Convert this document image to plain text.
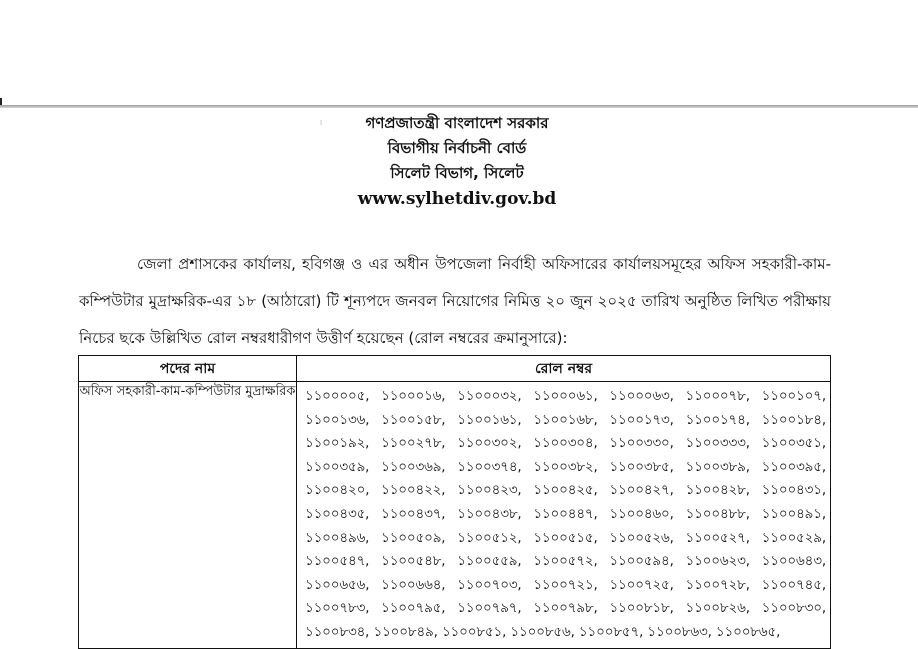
ˡ	গণপ্রজাতন্ত্রী বাংলাদেশ সরকার
বিভাগীয় নির্বাচনী বোর্ড
সিলেট বিভাগ, সিলেট
www.sylhetdiv.gov.bd
জেলা প্রশাসকের কার্যালয়, হবিগঞ্জ ও এর অধীন উপজেলা নির্বাহী অফিসারের কার্যালয়সমূহের অফিস সহকারী-কাম-কম্পিউটার মুদ্রাক্ষরিক-এর ১৮ (আঠারো) টি শূন্যপদে জনবল নিয়োগের নিমিত্ত ২০ জুন ২০২৫ তারিখ অনুষ্ঠিত লিখিত পরীক্ষায় নিচের ছকে উল্লিখিত রোল নম্বরধারীগণ উত্তীর্ণ হয়েছেন (রোল নম্বরের ক্রমানুসারে):
পদের নাম	রোল নম্বর

অফিস সহকারী-কাম-কম্পিউটার মুদ্রাক্ষরিক	১১০০০০৫, ১১০০০১৬, ১১০০০৩২, ১১০০০৬১, ১১০০০৬৩, ১১০০০৭৮, ১১০০১০৭, ১১০০১৩৬, ১১০০১৫৮, ১১০০১৬১, ১১০০১৬৮, ১১০০১৭৩, ১১০০১৭৪, ১১০০১৮৪, ১১০০১৯২, ১১০০২৭৮, ১১০০৩০২, ১১০০৩০৪, ১১০০৩৩০, ১১০০৩৩৩, ১১০০৩৫১, ১১০০৩৫৯, ১১০০৩৬৯, ১১০০৩৭৪, ১১০০৩৮২, ১১০০৩৮৫, ১১০০৩৮৯, ১১০০৩৯৫, ১১০০৪২০, ১১০০৪২২, ১১০০৪২৩, ১১০০৪২৫, ১১০০৪২৭, ১১০০৪২৮, ১১০০৪৩১, ১১০০৪৩৫, ১১০০৪৩৭, ১১০০৪৩৮, ১১০০৪৪৭, ১১০০৪৬০, ১১০০৪৮৮, ১১০০৪৯১, ১১০০৪৯৬, ১১০০৫০৯, ১১০০৫১২, ১১০০৫১৫, ১১০০৫২৬, ১১০০৫২৭, ১১০০৫২৯, ১১০০৫৪৭, ১১০০৫৪৮, ১১০০৫৫৯, ১১০০৫৭২, ১১০০৫৯৪, ১১০০৬২৩, ১১০০৬৪৩, ১১০০৬৫৬, ১১০০৬৬৪, ১১০০৭০৩, ১১০০৭২১, ১১০০৭২৫, ১১০০৭২৮, ১১০০৭৪৫, ১১০০৭৮৩, ১১০০৭৯৫, ১১০০৭৯৭, ১১০০৭৯৮, ১১০০৮১৮, ১১০০৮২৬, ১১০০৮৩০, ১১০০৮৩৪, ১১০০৮৪৯, ১১০০৮৫১, ১১০০৮৫৬, ১১০০৮৫৭, ১১০০৮৬৩, ১১০০৮৬৫,
